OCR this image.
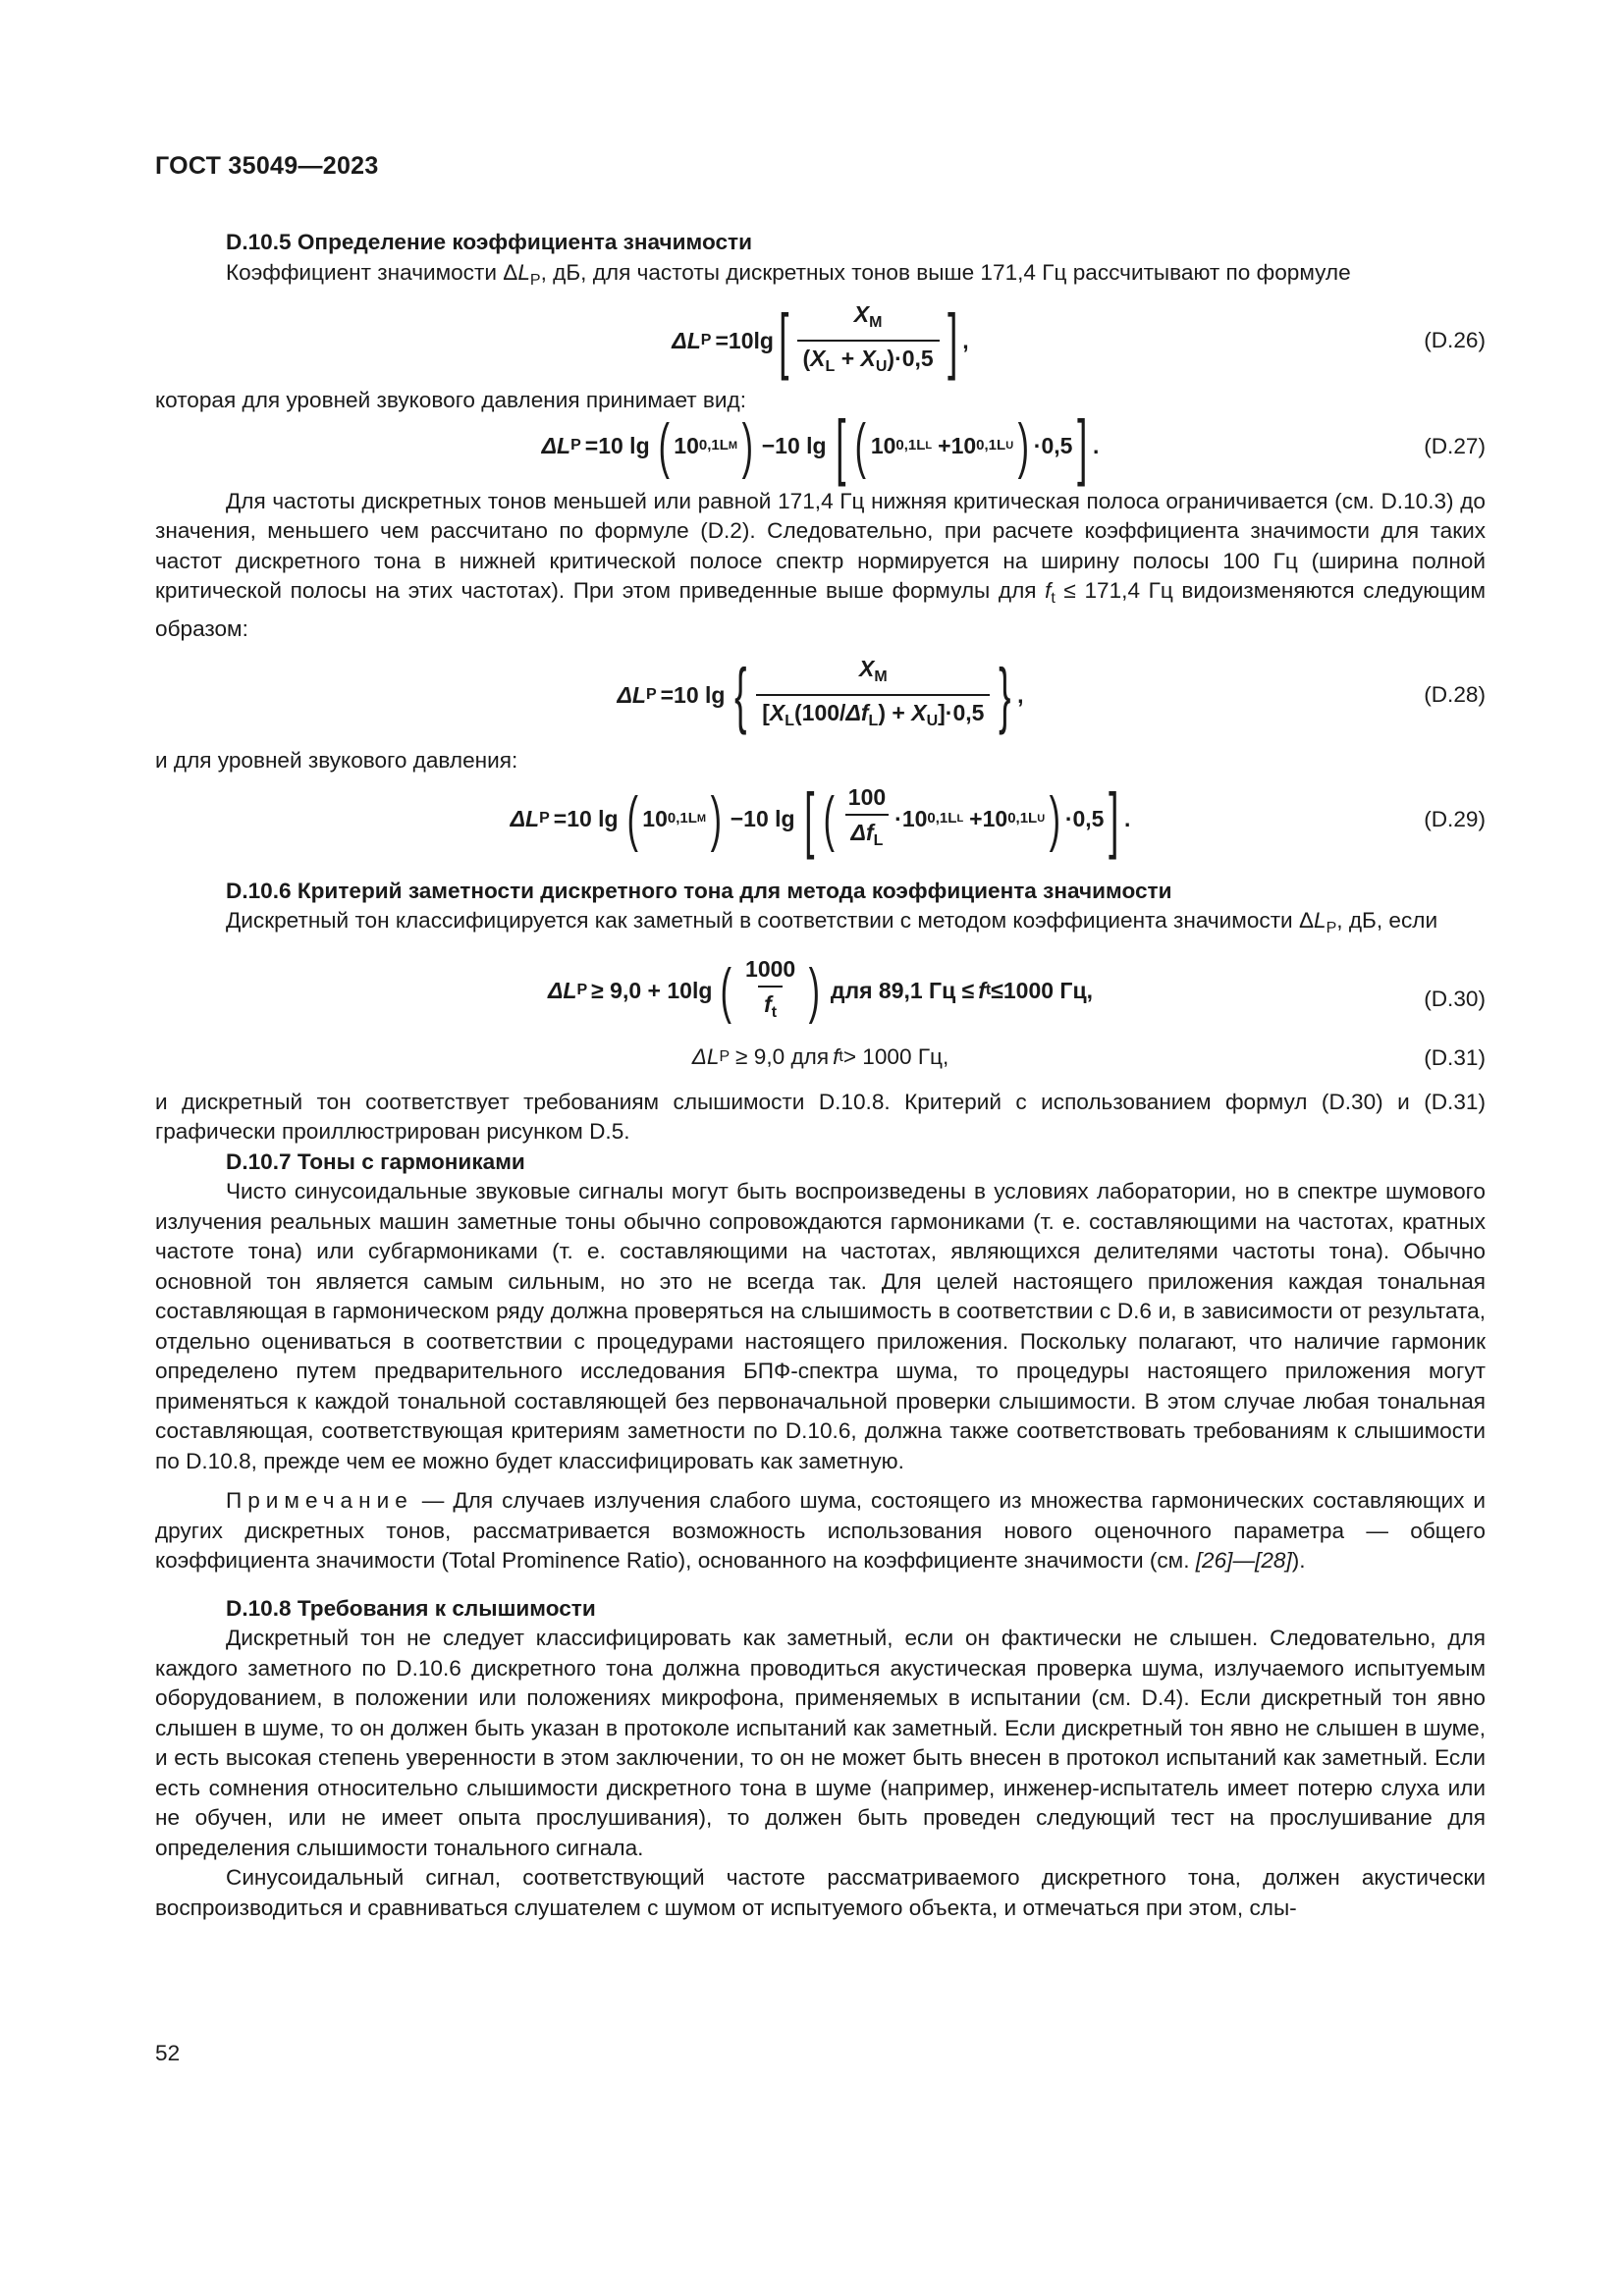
ГОСТ 35049—2023

D.10.5 Определение коэффициента значимости

Коэффициент значимости $\Delta L_P$, дБ, для частоты дискретных тонов выше 171,4 Гц рассчитывают по формуле

ΔL P =10lg [ $\frac{X_M}{(X_L + X_U)\cdot 0,5}$ ] ,	(D.26)

которая для уровней звукового давления принимает вид:

ΔL P =10 lg ( 10 0,1L M ) −10 lg [ ( 10 0,1L L +10 0,1L U ) ·0,5 ] .	(D.27)

Для частоты дискретных тонов меньшей или равной 171,4 Гц нижняя критическая полоса ограничивается (см. D.10.3) до значения, меньшего чем рассчитано по формуле (D.2). Следовательно, при расчете коэффициента значимости для таких частот дискретного тона в нижней критической полосе спектр нормируется на ширину полосы 100 Гц (ширина полной критической полосы на этих частотах). При этом приведенные выше формулы для $f_t \le 171,4$ Гц видоизменяются следующим образом:

ΔL P =10 lg { $\frac{X_M}{[X_L(100/\Delta f_L) + X_U]\cdot 0,5}$ } ,	(D.28)

и для уровней звукового давления:

ΔL P =10 lg ( 10 0,1L M ) −10 lg [ ( $\frac{100}{\Delta f_L} \cdot 10$ 0,1L L +10 0,1L U ) ·0,5 ] .	(D.29)

D.10.6 Критерий заметности дискретного тона для метода коэффициента значимости

Дискретный тон классифицируется как заметный в соответствии с методом коэффициента значимости $\Delta L_P$, дБ, если

ΔL P ≥ 9,0 + 10lg ( $\frac{1000}{f_t}$ ) для 89,1 Гц ≤ f t ≤1000 Гц,	(D.30)
ΔL P ≥ 9,0 для f t > 1000 Гц,	(D.31)

и дискретный тон соответствует требованиям слышимости D.10.8. Критерий с использованием формул (D.30) и (D.31) графически проиллюстрирован рисунком D.5.

D.10.7 Тоны с гармониками

Чисто синусоидальные звуковые сигналы могут быть воспроизведены в условиях лаборатории, но в спектре шумового излучения реальных машин заметные тоны обычно сопровождаются гармониками (т. е. составляющими на частотах, кратных частоте тона) или субгармониками (т. е. составляющими на частотах, являющихся делителями частоты тона). Обычно основной тон является самым сильным, но это не всегда так. Для целей настоящего приложения каждая тональная составляющая в гармоническом ряду должна проверяться на слышимость в соответствии с D.6 и, в зависимости от результата, отдельно оцениваться в соответствии с процедурами настоящего приложения. Поскольку полагают, что наличие гармоник определено путем предварительного исследования БПФ-спектра шума, то процедуры настоящего приложения могут применяться к каждой тональной составляющей без первоначальной проверки слышимости. В этом случае любая тональная составляющая, соответствующая критериям заметности по D.10.6, должна также соответствовать требованиям к слышимости по D.10.8, прежде чем ее можно будет классифицировать как заметную.

Примечание — Для случаев излучения слабого шума, состоящего из множества гармонических составляющих и других дискретных тонов, рассматривается возможность использования нового оценочного параметра — общего коэффициента значимости (Total Prominence Ratio), основанного на коэффициенте значимости (см. [26]—[28]).

D.10.8 Требования к слышимости

Дискретный тон не следует классифицировать как заметный, если он фактически не слышен. Следовательно, для каждого заметного по D.10.6 дискретного тона должна проводиться акустическая проверка шума, излучаемого испытуемым оборудованием, в положении или положениях микрофона, применяемых в испытании (см. D.4). Если дискретный тон явно слышен в шуме, то он должен быть указан в протоколе испытаний как заметный. Если дискретный тон явно не слышен в шуме, и есть высокая степень уверенности в этом заключении, то он не может быть внесен в протокол испытаний как заметный. Если есть сомнения относительно слышимости дискретного тона в шуме (например, инженер-испытатель имеет потерю слуха или не обучен, или не имеет опыта прослушивания), то должен быть проведен следующий тест на прослушивание для определения слышимости тонального сигнала.

Синусоидальный сигнал, соответствующий частоте рассматриваемого дискретного тона, должен акустически воспроизводиться и сравниваться слушателем с шумом от испытуемого объекта, и отмечаться при этом, слы-

52
